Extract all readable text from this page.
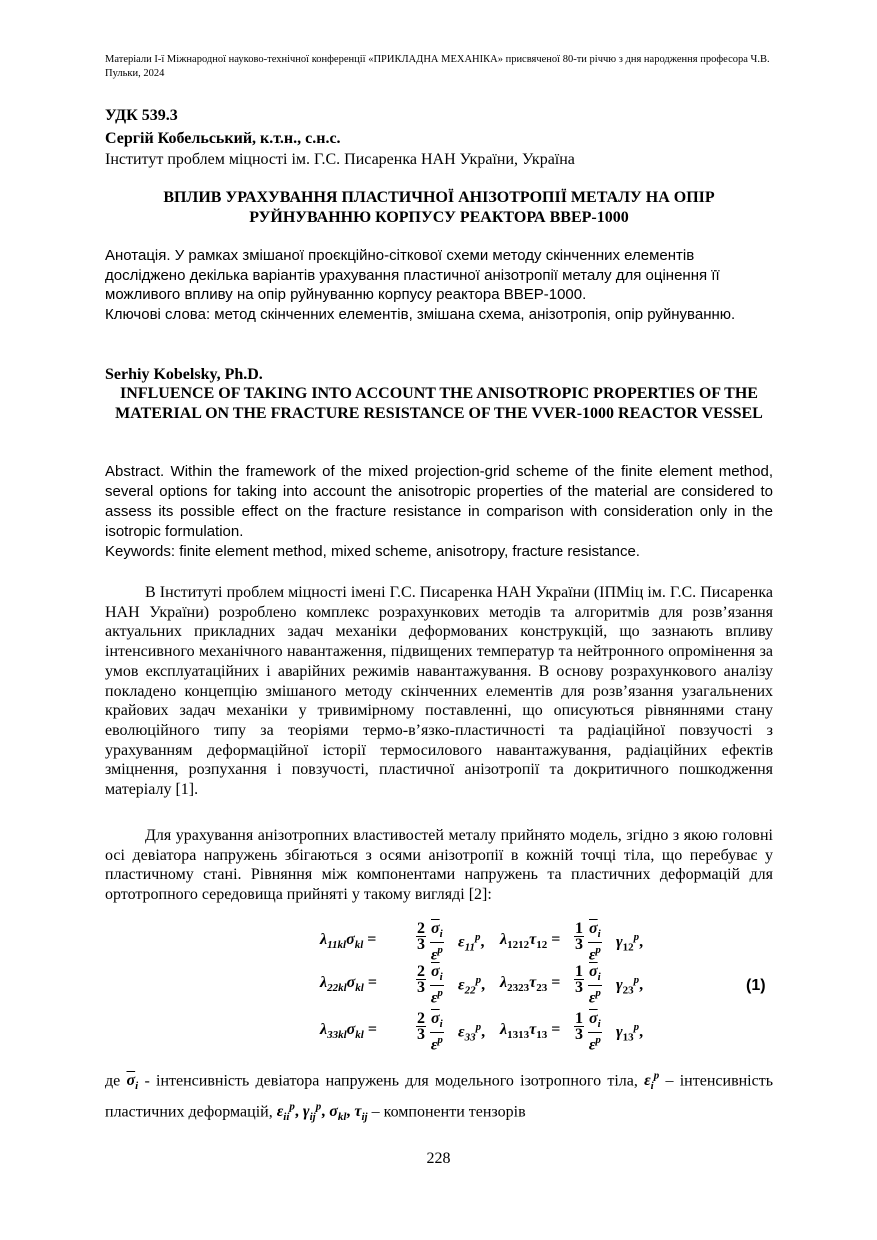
Матеріали І-ї Міжнародної науково-технічної конференції «ПРИКЛАДНА МЕХАНІКА» присвяченої 80-ти річчю з дня народження професора Ч.В. Пульки, 2024
УДК 539.3
Сергій Кобельський, к.т.н., с.н.с.
Інститут проблем міцності ім. Г.С. Писаренка НАН України, Україна
ВПЛИВ УРАХУВАННЯ ПЛАСТИЧНОЇ АНІЗОТРОПІЇ МЕТАЛУ НА ОПІР РУЙНУВАННЮ КОРПУСУ РЕАКТОРА ВВЕР-1000
Анотація. У рамках змішаної проєкційно-сіткової схеми методу скінченних елементів досліджено декілька варіантів урахування пластичної анізотропії металу для оцінення її можливого впливу на опір руйнуванню корпусу реактора ВВЕР-1000.
Ключові слова: метод скінченних елементів, змішана схема, анізотропія, опір руйнуванню.
Serhiy Kobelsky, Ph.D.
INFLUENCE OF TAKING INTO ACCOUNT THE ANISOTROPIC PROPERTIES OF THE MATERIAL ON THE FRACTURE RESISTANCE OF THE VVER-1000 REACTOR VESSEL
Abstract. Within the framework of the mixed projection-grid scheme of the finite element method, several options for taking into account the anisotropic properties of the material are considered to assess its possible effect on the fracture resistance in comparison with consideration only in the isotropic formulation.
Keywords: finite element method, mixed scheme, anisotropy, fracture resistance.
В Інституті проблем міцності імені Г.С. Писаренка НАН України (ІПМіц ім. Г.С. Писаренка НАН України) розроблено комплекс розрахункових методів та алгоритмів для розв’язання актуальних прикладних задач механіки деформованих конструкцій, що зазнають впливу інтенсивного механічного навантаження, підвищених температур та нейтронного опромінення за умов експлуатаційних і аварійних режимів навантажування. В основу розрахункового аналізу покладено концепцію змішаного методу скінченних елементів для розв’язання узагальнених крайових задач механіки у тривимірному поставленні, що описуються рівняннями стану еволюційного типу за теоріями термо-в’язко-пластичності та радіаційної повзучості з урахуванням деформаційної історії термосилового навантажування, радіаційних ефектів зміцнення, розпухання і повзучості, пластичної анізотропії та докритичного пошкодження матеріалу [1].
Для урахування анізотропних властивостей металу прийнято модель, згідно з якою головні осі девіатора напружень збігаються з осями анізотропії в кожній точці тіла, що перебуває у пластичному стані. Рівняння між компонентами напружень та пластичних деформацій для ортотропного середовища прийняті у такому вигляді [2]:
$\lambda_{11kl}\sigma_{kl} = \frac{2}{3} \frac{\overline{\sigma}_i}{\varepsilon^p} \varepsilon_{11}^p$, $\lambda_{1212}\tau_{12} = \frac{1}{3} \frac{\overline{\sigma}_i}{\varepsilon^p} \gamma_{12}^p$,
$\lambda_{22kl}\sigma_{kl} = \frac{2}{3} \frac{\overline{\sigma}_i}{\varepsilon^p} \varepsilon_{22}^p$, $\lambda_{2323}\tau_{23} = \frac{1}{3} \frac{\overline{\sigma}_i}{\varepsilon^p} \gamma_{23}^p$,
$\lambda_{33kl}\sigma_{kl} = \frac{2}{3} \frac{\overline{\sigma}_i}{\varepsilon^p} \varepsilon_{33}^p$, $\lambda_{1313}\tau_{13} = \frac{1}{3} \frac{\overline{\sigma}_i}{\varepsilon^p} \gamma_{13}^p$,
(1)
де $\overline{\sigma}_i$ - інтенсивність девіатора напружень для модельного ізотропного тіла, $\varepsilon_i^p$ – інтенсивність пластичних деформацій, $\varepsilon_{ii}^p$, $\gamma_{ij}^p$, $\sigma_{kl}$, $\tau_{ij}$ – компоненти тензорів
228
